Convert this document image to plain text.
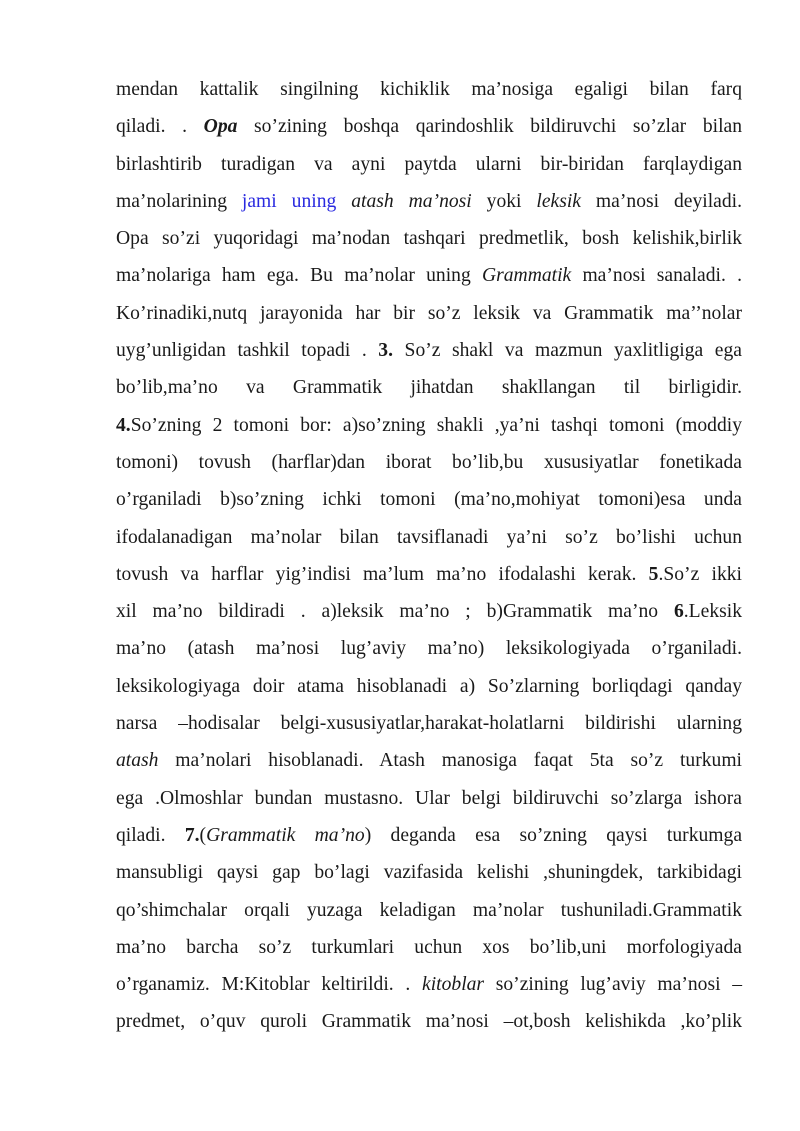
mendan kattalik singilning kichiklik ma’nosiga egaligi bilan farq
qiladi. . Opa so’zining boshqa qarindoshlik bildiruvchi so’zlar bilan
birlashtirib turadigan va ayni paytda ularni bir-biridan farqlaydigan
ma’nolarining jami uning atash ma’nosi yoki leksik ma’nosi deyiladi.
Opa so’zi yuqoridagi ma’nodan tashqari predmetlik, bosh kelishik,birlik
ma’nolariga ham ega. Bu ma’nolar uning Grammatik ma’nosi sanaladi. .
Ko’rinadiki,nutq jarayonida har bir so’z leksik va Grammatik ma’’nolar
uyg’unligidan tashkil topadi . 3. So’z shakl va mazmun yaxlitligiga ega
bo’lib,ma’no va Grammatik jihatdan shakllangan til birligidir.
4.So’zning 2 tomoni bor: a)so’zning shakli ,ya’ni tashqi tomoni (moddiy
tomoni) tovush (harflar)dan iborat bo’lib,bu xususiyatlar fonetikada
o’rganiladi b)so’zning ichki tomoni (ma’no,mohiyat tomoni)esa unda
ifodalanadigan ma’nolar bilan tavsiflanadi ya’ni so’z bo’lishi uchun
tovush va harflar yig’indisi ma’lum ma’no ifodalashi kerak. 5.So’z ikki
xil ma’no bildiradi . a)leksik ma’no ; b)Grammatik ma’no 6.Leksik
ma’no (atash ma’nosi lug’aviy ma’no) leksikologiyada o’rganiladi.
leksikologiyaga doir atama hisoblanadi a) So’zlarning borliqdagi qanday
narsa –hodisalar belgi-xususiyatlar,harakat-holatlarni bildirishi ularning
atash ma’nolari hisoblanadi. Atash manosiga faqat 5ta so’z turkumi
ega .Olmoshlar bundan mustasno. Ular belgi bildiruvchi so’zlarga ishora
qiladi. 7.(Grammatik ma’no) deganda esa so’zning qaysi turkumga
mansubligi qaysi gap bo’lagi vazifasida kelishi ,shuningdek, tarkibidagi
qo’shimchalar orqali yuzaga keladigan ma’nolar tushuniladi.Grammatik
ma’no barcha so’z turkumlari uchun xos bo’lib,uni morfologiyada
o’rganamiz. M:Kitoblar keltirildi. . kitoblar so’zining lug’aviy ma’nosi –
predmet, o’quv quroli Grammatik ma’nosi –ot,bosh kelishikda ,ko’plik
